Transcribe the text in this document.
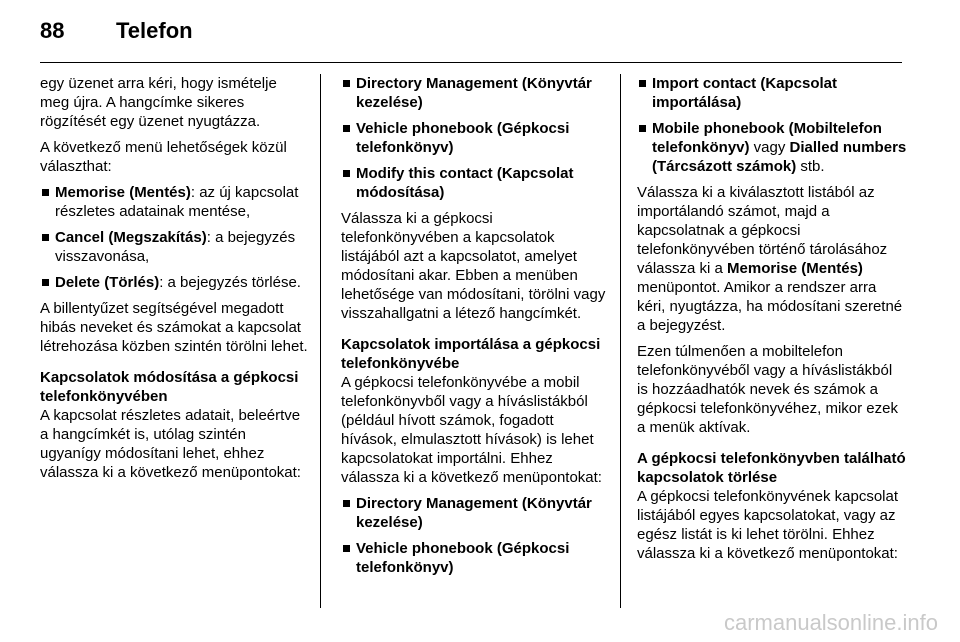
88 Telefon

egy üzenet arra kéri, hogy ismételje meg újra. A hangcímke sikeres rögzítését egy üzenet nyugtázza.

A következő menü lehetőségek közül választhat:

Memorise (Mentés): az új kapcsolat részletes adatainak mentése,
Cancel (Megszakítás): a bejegyzés visszavonása,
Delete (Törlés): a bejegyzés törlése.

A billentyűzet segítségével megadott hibás neveket és számokat a kapcsolat létrehozása közben szintén törölni lehet.

Kapcsolatok módosítása a gépkocsi telefonkönyvében

A kapcsolat részletes adatait, beleértve a hangcímkét is, utólag szintén ugyanígy módosítani lehet, ehhez válassza ki a következő menüpontokat:

Directory Management (Könyvtár kezelése)
Vehicle phonebook (Gépkocsi telefonkönyv)
Modify this contact (Kapcsolat módosítása)

Válassza ki a gépkocsi telefonkönyvében a kapcsolatok listájából azt a kapcsolatot, amelyet módosítani akar. Ebben a menüben lehetősége van módosítani, törölni vagy visszahallgatni a létező hangcímkét.

Kapcsolatok importálása a gépkocsi telefonkönyvébe

A gépkocsi telefonkönyvébe a mobil telefonkönyvből vagy a híváslistákból (például hívott számok, fogadott hívások, elmulasztott hívások) is lehet kapcsolatokat importálni. Ehhez válassza ki a következő menüpontokat:

Directory Management (Könyvtár kezelése)
Vehicle phonebook (Gépkocsi telefonkönyv)
Import contact (Kapcsolat importálása)
Mobile phonebook (Mobiltelefon telefonkönyv) vagy Dialled numbers (Tárcsázott számok) stb.

Válassza ki a kiválasztott listából az importálandó számot, majd a kapcsolatnak a gépkocsi telefonkönyvében történő tárolásához válassza ki a Memorise (Mentés) menüpontot. Amikor a rendszer arra kéri, nyugtázza, ha módosítani szeretné a bejegyzést.

Ezen túlmenően a mobiltelefon telefonkönyvéből vagy a híváslistákból is hozzáadhatók nevek és számok a gépkocsi telefonkönyvéhez, mikor ezek a menük aktívak.

A gépkocsi telefonkönyvben található kapcsolatok törlése

A gépkocsi telefonkönyvének kapcsolat listájából egyes kapcsolatokat, vagy az egész listát is ki lehet törölni. Ehhez válassza ki a következő menüpontokat:

carmanualsonline.info
